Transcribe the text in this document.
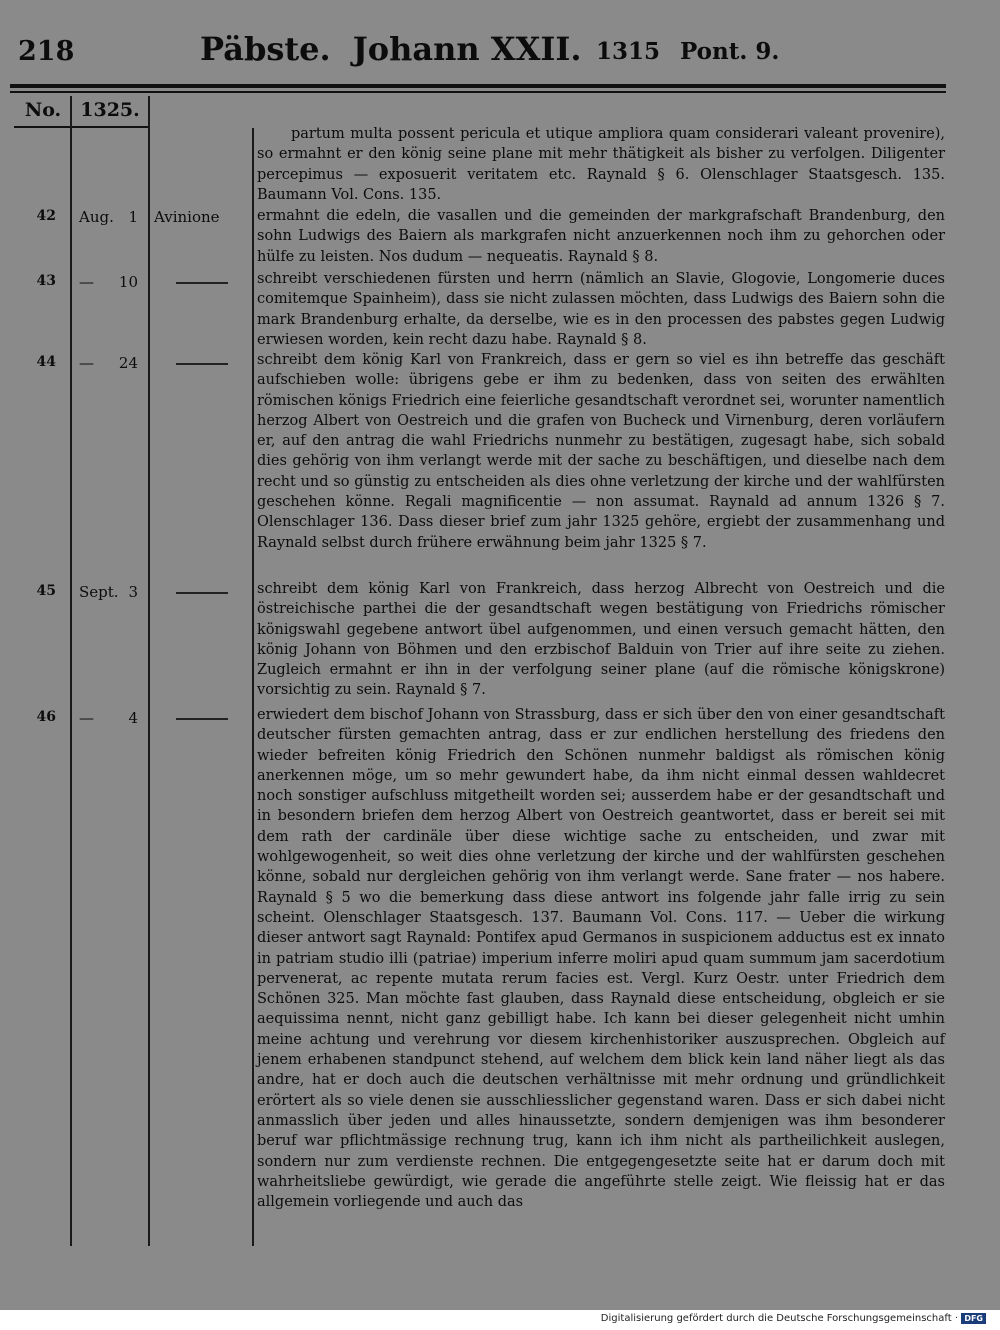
218	Päbste. Johann XXII. 1315 Pont. 9.
No.	1325.

partum multa possent pericula et utique ampliora quam considerari valeant provenire), so ermahnt er den könig seine plane mit mehr thätigkeit als bisher zu verfolgen. Diligenter percepimus — exposuerit veritatem etc. Raynald § 6. Olenschlager Staatsgesch. 135. Baumann Vol. Cons. 135.

42 Aug. 1 Avinione	ermahnt die edeln, die vasallen und die gemeinden der markgrafschaft Brandenburg, den sohn Ludwigs des Baiern als markgrafen nicht anzuerkennen noch ihm zu gehorchen oder hülfe zu leisten. Nos dudum — nequeatis. Raynald § 8.

43 — 10	schreibt verschiedenen fürsten und herrn (nämlich an Slavie, Glogovie, Longomerie duces comitemque Spainheim), dass sie nicht zulassen möchten, dass Ludwigs des Baiern sohn die mark Brandenburg erhalte, da derselbe, wie es in den processen des pabstes gegen Ludwig erwiesen worden, kein recht dazu habe. Raynald § 8.

44 — 24	schreibt dem könig Karl von Frankreich, dass er gern so viel es ihn betreffe das geschäft aufschieben wolle: übrigens gebe er ihm zu bedenken, dass von seiten des erwählten römischen königs Friedrich eine feierliche gesandtschaft verordnet sei, worunter namentlich herzog Albert von Oestreich und die grafen von Bucheck und Virnenburg, deren vorläufern er, auf den antrag die wahl Friedrichs nunmehr zu bestätigen, zugesagt habe, sich sobald dies gehörig von ihm verlangt werde mit der sache zu beschäftigen, und dieselbe nach dem recht und so günstig zu entscheiden als dies ohne verletzung der kirche und der wahlfürsten geschehen könne. Regali magnificentie — non assumat. Raynald ad annum 1326 § 7. Olenschlager 136. Dass dieser brief zum jahr 1325 gehöre, ergiebt der zusammenhang und Raynald selbst durch frühere erwähnung beim jahr 1325 § 7.

45 Sept. 3	schreibt dem könig Karl von Frankreich, dass herzog Albrecht von Oestreich und die östreichische parthei die der gesandtschaft wegen bestätigung von Friedrichs römischer königswahl gegebene antwort übel aufgenommen, und einen versuch gemacht hätten, den könig Johann von Böhmen und den erzbischof Balduin von Trier auf ihre seite zu ziehen. Zugleich ermahnt er ihn in der verfolgung seiner plane (auf die römische königskrone) vorsichtig zu sein. Raynald § 7.

46 — 4	erwiedert dem bischof Johann von Strassburg, dass er sich über den von einer gesandtschaft deutscher fürsten gemachten antrag, dass er zur endlichen herstellung des friedens den wieder befreiten könig Friedrich den Schönen nunmehr baldigst als römischen könig anerkennen möge, um so mehr gewundert habe, da ihm nicht einmal dessen wahldecret noch sonstiger aufschluss mitgetheilt worden sei; ausserdem habe er der gesandtschaft und in besondern briefen dem herzog Albert von Oestreich geantwortet, dass er bereit sei mit dem rath der cardinäle über diese wichtige sache zu entscheiden, und zwar mit wohlgewogenheit, so weit dies ohne verletzung der kirche und der wahlfürsten geschehen könne, sobald nur dergleichen gehörig von ihm verlangt werde. Sane frater — nos habere. Raynald § 5 wo die bemerkung dass diese antwort ins folgende jahr falle irrig zu sein scheint. Olenschlager Staatsgesch. 137. Baumann Vol. Cons. 117. — Ueber die wirkung dieser antwort sagt Raynald: Pontifex apud Germanos in suspicionem adductus est ex innato in patriam studio illi (patriae) imperium inferre moliri apud quam summum jam sacerdotium pervenerat, ac repente mutata rerum facies est. Vergl. Kurz Oestr. unter Friedrich dem Schönen 325. Man möchte fast glauben, dass Raynald diese entscheidung, obgleich er sie aequissima nennt, nicht ganz gebilligt habe. Ich kann bei dieser gelegenheit nicht umhin meine achtung und verehrung vor diesem kirchenhistoriker auszusprechen. Obgleich auf jenem erhabenen standpunct stehend, auf welchem dem blick kein land näher liegt als das andre, hat er doch auch die deutschen verhältnisse mit mehr ordnung und gründlichkeit erörtert als so viele denen sie ausschliesslicher gegenstand waren. Dass er sich dabei nicht anmasslich über jeden und alles hinaussetzte, sondern demjenigen was ihm besonderer beruf war pflichtmässige rechnung trug, kann ich ihm nicht als partheilichkeit auslegen, sondern nur zum verdienste rechnen. Die entgegengesetzte seite hat er darum doch mit wahrheitsliebe gewürdigt, wie gerade die angeführte stelle zeigt. Wie fleissig hat er das allgemein vorliegende und auch das

Digitalisierung gefördert durch die Deutsche Forschungsgemeinschaft · DFG
